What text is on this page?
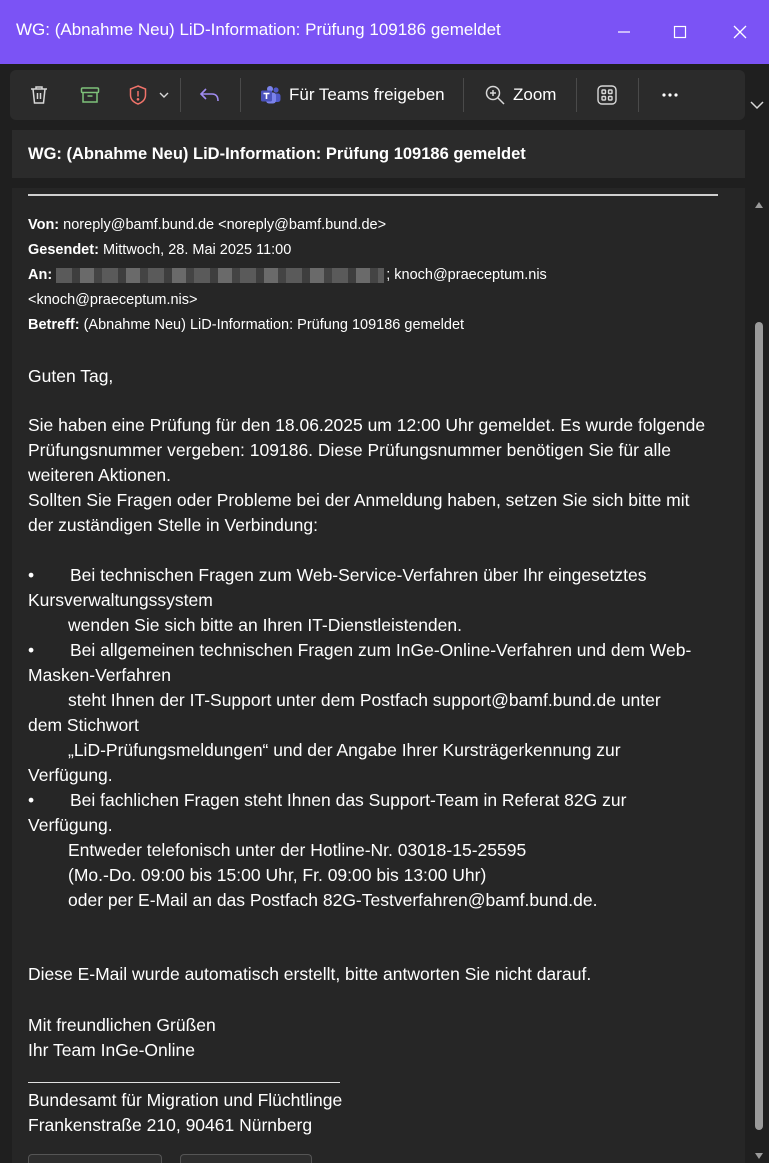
WG: (Abnahme Neu) LiD-Information: Prüfung 109186 gemeldet
Für Teams freigeben	Zoom
WG: (Abnahme Neu) LiD-Information: Prüfung 109186 gemeldet
Von: noreply@bamf.bund.de <noreply@bamf.bund.de>
Gesendet: Mittwoch, 28. Mai 2025 11:00
An:	; knoch@praeceptum.nis
<knoch@praeceptum.nis>
Betreff: (Abnahme Neu) LiD-Information: Prüfung 109186 gemeldet
Guten Tag,
Sie haben eine Prüfung für den 18.06.2025 um 12:00 Uhr gemeldet. Es wurde folgende
Prüfungsnummer vergeben: 109186. Diese Prüfungsnummer benötigen Sie für alle
weiteren Aktionen.
Sollten Sie Fragen oder Probleme bei der Anmeldung haben, setzen Sie sich bitte mit
der zuständigen Stelle in Verbindung:
• Bei technischen Fragen zum Web-Service-Verfahren über Ihr eingesetztes
Kursverwaltungssystem
wenden Sie sich bitte an Ihren IT-Dienstleistenden.
• Bei allgemeinen technischen Fragen zum InGe-Online-Verfahren und dem Web-
Masken-Verfahren
steht Ihnen der IT-Support unter dem Postfach support@bamf.bund.de unter
dem Stichwort
„LiD-Prüfungsmeldungen“ und der Angabe Ihrer Kursträgerkennung zur
Verfügung.
• Bei fachlichen Fragen steht Ihnen das Support-Team in Referat 82G zur
Verfügung.
Entweder telefonisch unter der Hotline-Nr. 03018-15-25595
(Mo.-Do. 09:00 bis 15:00 Uhr, Fr. 09:00 bis 13:00 Uhr)
oder per E-Mail an das Postfach 82G-Testverfahren@bamf.bund.de.
Diese E-Mail wurde automatisch erstellt, bitte antworten Sie nicht darauf.
Mit freundlichen Grüßen
Ihr Team InGe-Online
Bundesamt für Migration und Flüchtlinge
Frankenstraße 210, 90461 Nürnberg
